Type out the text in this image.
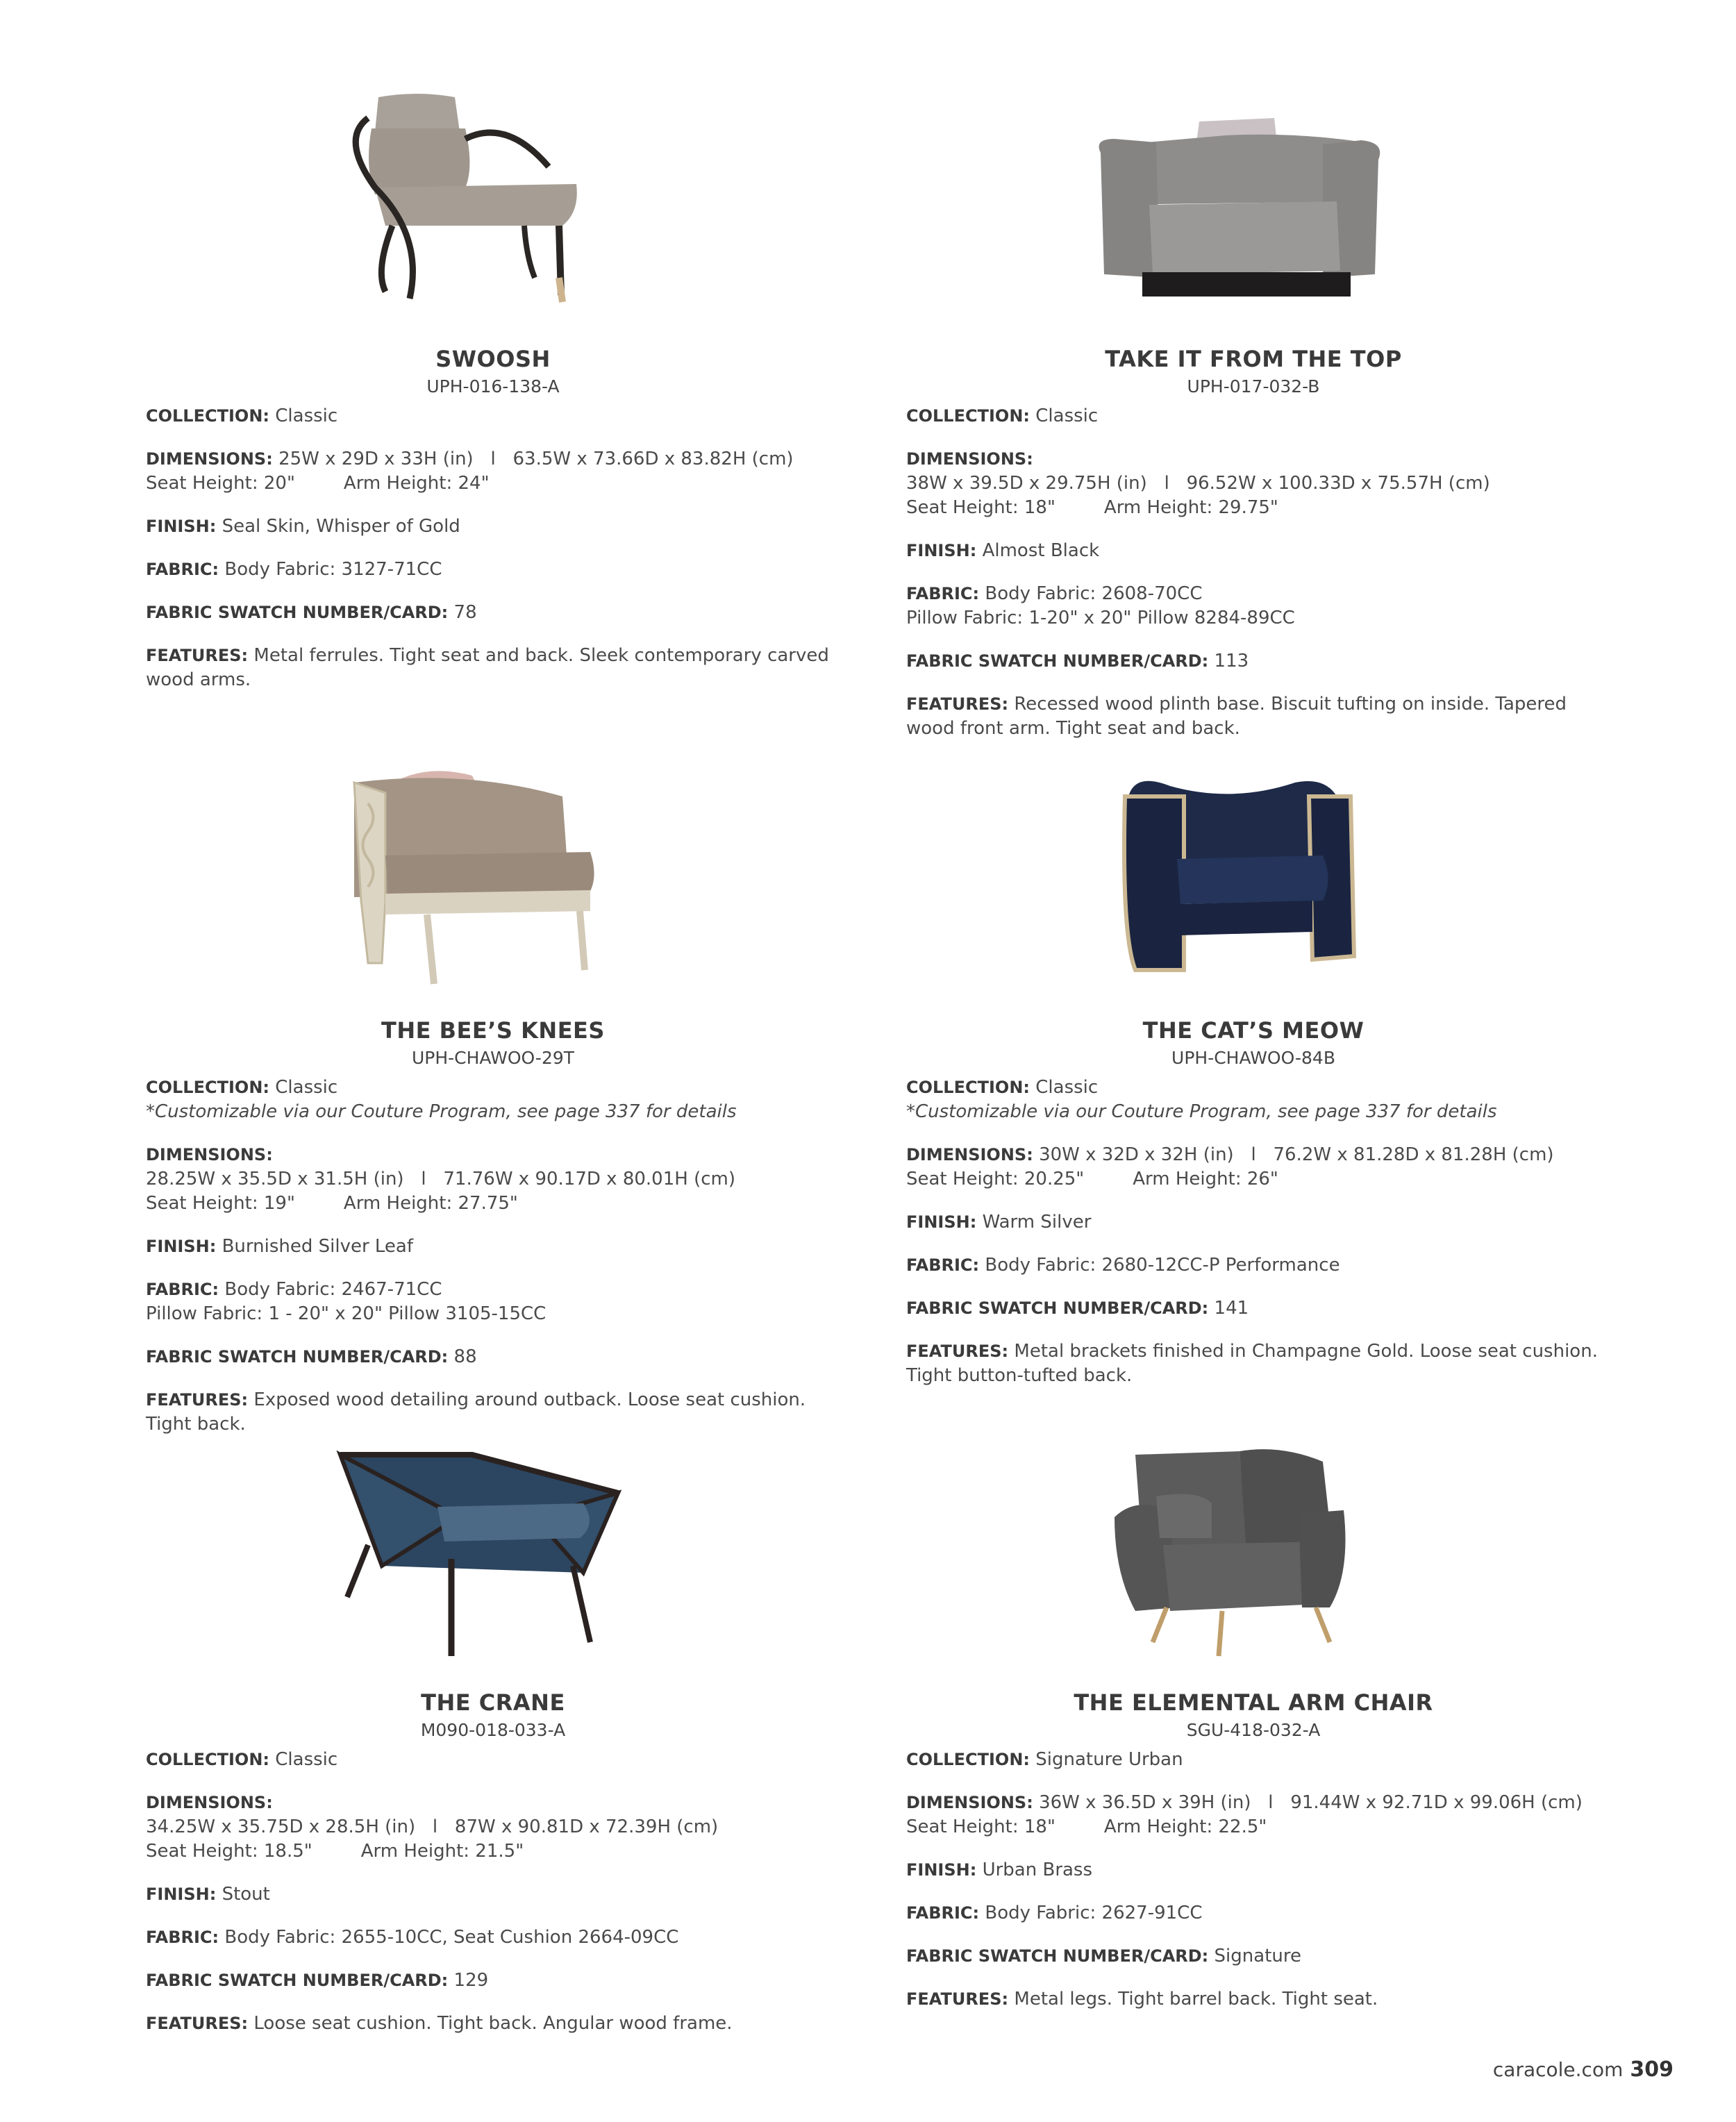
SWOOSH
UPH-016-138-A

COLLECTION: Classic

DIMENSIONS: 25W x 29D x 33H (in)   l   63.5W x 73.66D x 83.82H (cm)
Seat Height: 20"	Arm Height: 24"

FINISH: Seal Skin, Whisper of Gold

FABRIC: Body Fabric: 3127-71CC

FABRIC SWATCH NUMBER/CARD: 78

FEATURES: Metal ferrules. Tight seat and back. Sleek contemporary carved wood arms.

TAKE IT FROM THE TOP
UPH-017-032-B

COLLECTION: Classic

DIMENSIONS: 38W x 39.5D x 29.75H (in)   l   96.52W x 100.33D x 75.57H (cm)
Seat Height: 18"	Arm Height: 29.75"

FINISH: Almost Black

FABRIC: Body Fabric: 2608-70CC
Pillow Fabric: 1-20" x 20" Pillow 8284-89CC

FABRIC SWATCH NUMBER/CARD: 113

FEATURES: Recessed wood plinth base. Biscuit tufting on inside. Tapered wood front arm. Tight seat and back.

THE BEE’S KNEES
UPH-CHAWOO-29T

COLLECTION: Classic
*Customizable via our Couture Program, see page 337 for details

DIMENSIONS: 28.25W x 35.5D x 31.5H (in)   l   71.76W x 90.17D x 80.01H (cm)
Seat Height: 19"	Arm Height: 27.75"

FINISH: Burnished Silver Leaf

FABRIC: Body Fabric: 2467-71CC
Pillow Fabric: 1 - 20" x 20" Pillow 3105-15CC

FABRIC SWATCH NUMBER/CARD: 88

FEATURES: Exposed wood detailing around outback. Loose seat cushion. Tight back.

THE CAT’S MEOW
UPH-CHAWOO-84B

COLLECTION: Classic
*Customizable via our Couture Program, see page 337 for details

DIMENSIONS: 30W x 32D x 32H (in)   l   76.2W x 81.28D x 81.28H (cm)
Seat Height: 20.25"	Arm Height: 26"

FINISH: Warm Silver

FABRIC: Body Fabric: 2680-12CC-P Performance

FABRIC SWATCH NUMBER/CARD: 141

FEATURES: Metal brackets finished in Champagne Gold. Loose seat cushion. Tight button-tufted back.

THE CRANE
M090-018-033-A

COLLECTION: Classic

DIMENSIONS: 34.25W x 35.75D x 28.5H (in)   l   87W x 90.81D x 72.39H (cm)
Seat Height: 18.5"	Arm Height: 21.5"

FINISH: Stout

FABRIC: Body Fabric: 2655-10CC, Seat Cushion 2664-09CC

FABRIC SWATCH NUMBER/CARD: 129

FEATURES: Loose seat cushion. Tight back. Angular wood frame.

THE ELEMENTAL ARM CHAIR
SGU-418-032-A

COLLECTION: Signature Urban

DIMENSIONS: 36W x 36.5D x 39H (in)   l   91.44W x 92.71D x 99.06H (cm)
Seat Height: 18"	Arm Height: 22.5"

FINISH: Urban Brass

FABRIC: Body Fabric: 2627-91CC

FABRIC SWATCH NUMBER/CARD: Signature

FEATURES: Metal legs. Tight barrel back. Tight seat.

caracole.com 309
